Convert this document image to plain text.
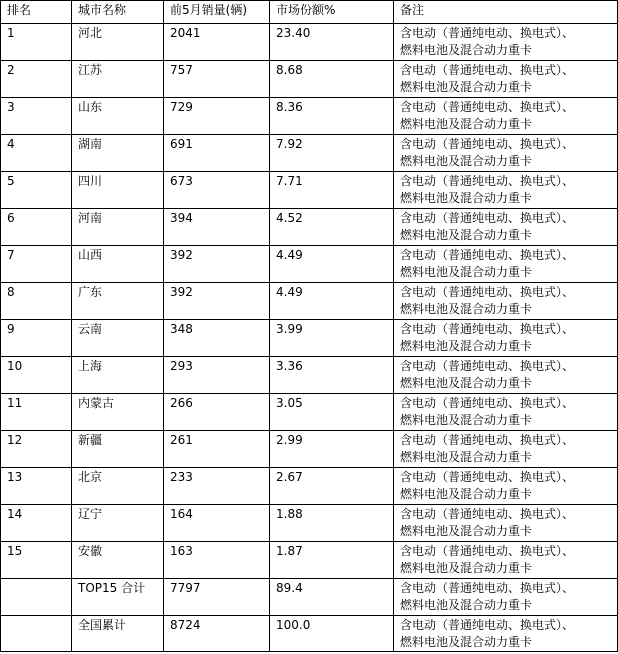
排名	城市名称	前5月销量(辆)	市场份额%	备注
1	河北	2041	23.40	含电动（普通纯电动、换电式）、
燃料电池及混合动力重卡

2	江苏	757	8.68	含电动（普通纯电动、换电式）、
燃料电池及混合动力重卡

3	山东	729	8.36	含电动（普通纯电动、换电式）、
燃料电池及混合动力重卡

4	湖南	691	7.92	含电动（普通纯电动、换电式）、
燃料电池及混合动力重卡

5	四川	673	7.71	含电动（普通纯电动、换电式）、
燃料电池及混合动力重卡

6	河南	394	4.52	含电动（普通纯电动、换电式）、
燃料电池及混合动力重卡

7	山西	392	4.49	含电动（普通纯电动、换电式）、
燃料电池及混合动力重卡

8	广东	392	4.49	含电动（普通纯电动、换电式）、
燃料电池及混合动力重卡

9	云南	348	3.99	含电动（普通纯电动、换电式）、
燃料电池及混合动力重卡

10	上海	293	3.36	含电动（普通纯电动、换电式）、
燃料电池及混合动力重卡

11	内蒙古	266	3.05	含电动（普通纯电动、换电式）、
燃料电池及混合动力重卡

12	新疆	261	2.99	含电动（普通纯电动、换电式）、
燃料电池及混合动力重卡

13	北京	233	2.67	含电动（普通纯电动、换电式）、
燃料电池及混合动力重卡

14	辽宁	164	1.88	含电动（普通纯电动、换电式）、
燃料电池及混合动力重卡

15	安徽	163	1.87	含电动（普通纯电动、换电式）、
燃料电池及混合动力重卡

	TOP15 合计	7797	89.4	含电动（普通纯电动、换电式）、
燃料电池及混合动力重卡

	全国累计	8724	100.0	含电动（普通纯电动、换电式）、
燃料电池及混合动力重卡
